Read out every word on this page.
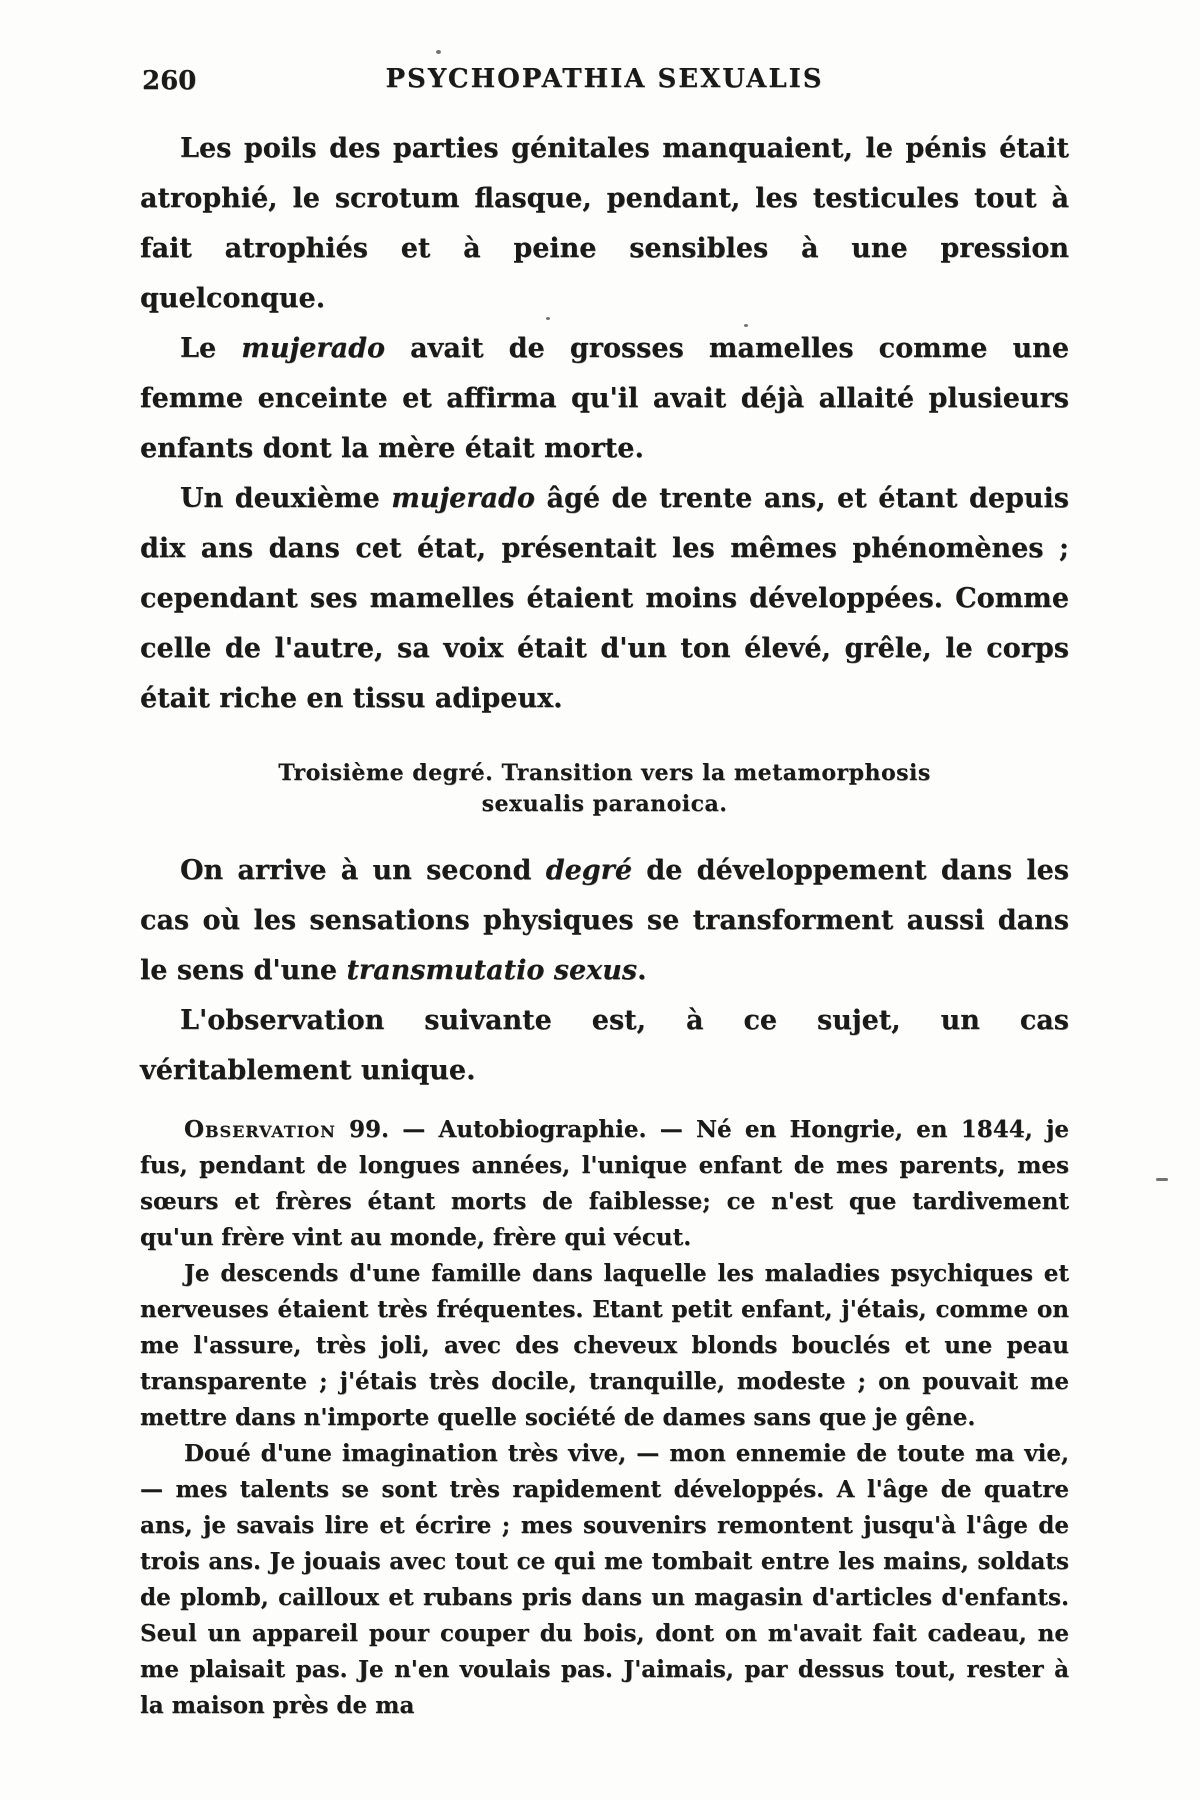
260	PSYCHOPATHIA SEXUALIS

Les poils des parties génitales manquaient, le pénis était atrophié, le scrotum flasque, pendant, les testicules tout à fait atrophiés et à peine sensibles à une pression quelconque.

Le mujerado avait de grosses mamelles comme une femme enceinte et affirma qu'il avait déjà allaité plusieurs enfants dont la mère était morte.

Un deuxième mujerado âgé de trente ans, et étant depuis dix ans dans cet état, présentait les mêmes phénomènes ; cependant ses mamelles étaient moins développées. Comme celle de l'autre, sa voix était d'un ton élevé, grêle, le corps était riche en tissu adipeux.

Troisième degré. Transition vers la metamorphosis
sexualis paranoica.

On arrive à un second degré de développement dans les cas où les sensations physiques se transforment aussi dans le sens d'une transmutatio sexus.

L'observation suivante est, à ce sujet, un cas véritablement unique.

Observation 99. — Autobiographie. — Né en Hongrie, en 1844, je fus, pendant de longues années, l'unique enfant de mes parents, mes sœurs et frères étant morts de faiblesse; ce n'est que tardivement qu'un frère vint au monde, frère qui vécut.

Je descends d'une famille dans laquelle les maladies psychiques et nerveuses étaient très fréquentes. Etant petit enfant, j'étais, comme on me l'assure, très joli, avec des cheveux blonds bouclés et une peau transparente ; j'étais très docile, tranquille, modeste ; on pouvait me mettre dans n'importe quelle société de dames sans que je gêne.

Doué d'une imagination très vive, — mon ennemie de toute ma vie, — mes talents se sont très rapidement développés. A l'âge de quatre ans, je savais lire et écrire ; mes souvenirs remontent jusqu'à l'âge de trois ans. Je jouais avec tout ce qui me tombait entre les mains, soldats de plomb, cailloux et rubans pris dans un magasin d'articles d'enfants. Seul un appareil pour couper du bois, dont on m'avait fait cadeau, ne me plaisait pas. Je n'en voulais pas. J'aimais, par dessus tout, rester à la maison près de ma
